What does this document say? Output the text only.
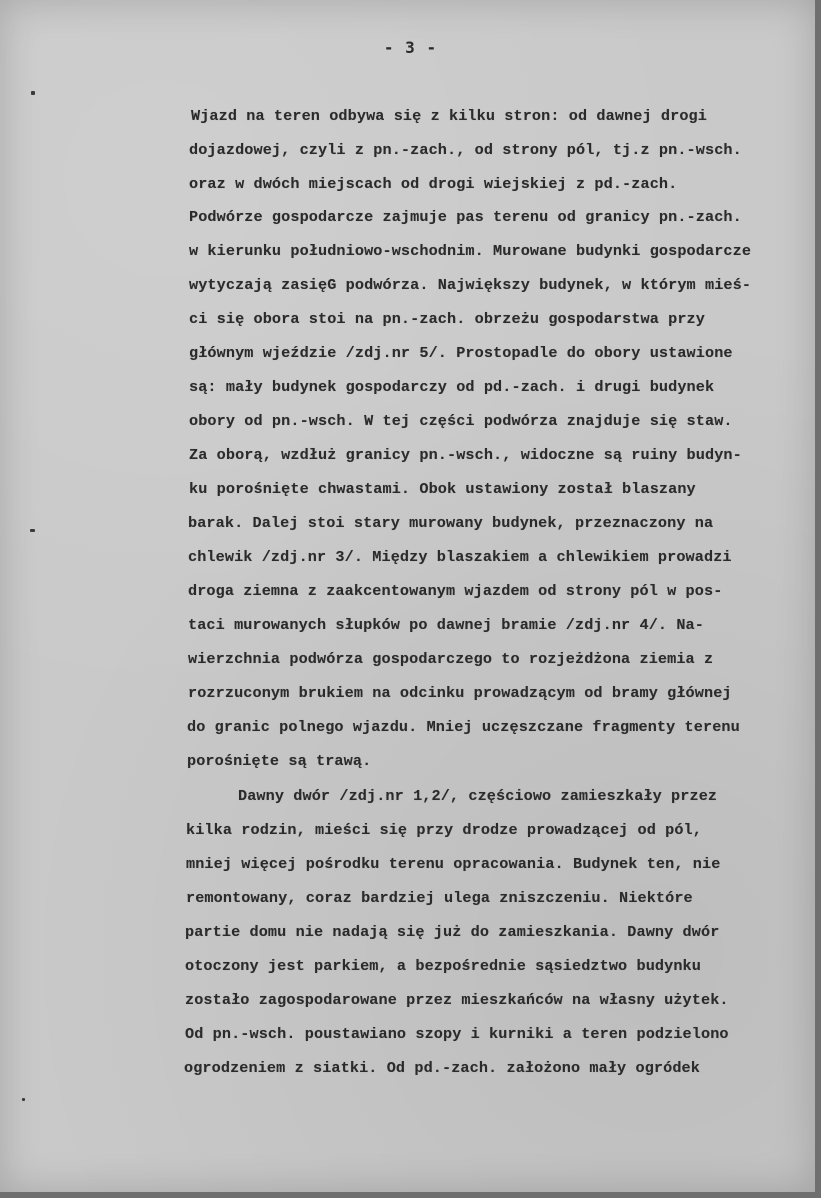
- 3 -
Wjazd na teren odbywa się z kilku stron: od dawnej drogi
dojazdowej, czyli z pn.-zach., od strony pól, tj.z pn.-wsch.
oraz w dwóch miejscach od drogi wiejskiej z pd.-zach.
Podwórze gospodarcze zajmuje pas terenu od granicy pn.-zach.
w kierunku południowo-wschodnim. Murowane budynki gospodarcze
wytyczają zasięG podwórza. Największy budynek, w którym mieś-
ci się obora stoi na pn.-zach. obrzeżu gospodarstwa przy
głównym wjeździe /zdj.nr 5/. Prostopadle do obory ustawione
są: mały budynek gospodarczy od pd.-zach. i drugi budynek
obory od pn.-wsch. W tej części podwórza znajduje się staw.
Za oborą, wzdłuż granicy pn.-wsch., widoczne są ruiny budyn-
ku porośnięte chwastami. Obok ustawiony został blaszany
barak. Dalej stoi stary murowany budynek, przeznaczony na
chlewik /zdj.nr 3/. Między blaszakiem a chlewikiem prowadzi
droga ziemna z zaakcentowanym wjazdem od strony pól w pos-
taci murowanych słupków po dawnej bramie /zdj.nr 4/. Na-
wierzchnia podwórza gospodarczego to rozjeżdżona ziemia z
rozrzuconym brukiem na odcinku prowadzącym od bramy głównej
do granic polnego wjazdu. Mniej uczęszczane fragmenty terenu
porośnięte są trawą.
Dawny dwór /zdj.nr 1,2/, częściowo zamieszkały przez
kilka rodzin, mieści się przy drodze prowadzącej od pól,
mniej więcej pośrodku terenu opracowania. Budynek ten, nie
remontowany, coraz bardziej ulega zniszczeniu. Niektóre
partie domu nie nadają się już do zamieszkania. Dawny dwór
otoczony jest parkiem, a bezpośrednie sąsiedztwo budynku
zostało zagospodarowane przez mieszkańców na własny użytek.
Od pn.-wsch. poustawiano szopy i kurniki a teren podzielono
ogrodzeniem z siatki. Od pd.-zach. założono mały ogródek
